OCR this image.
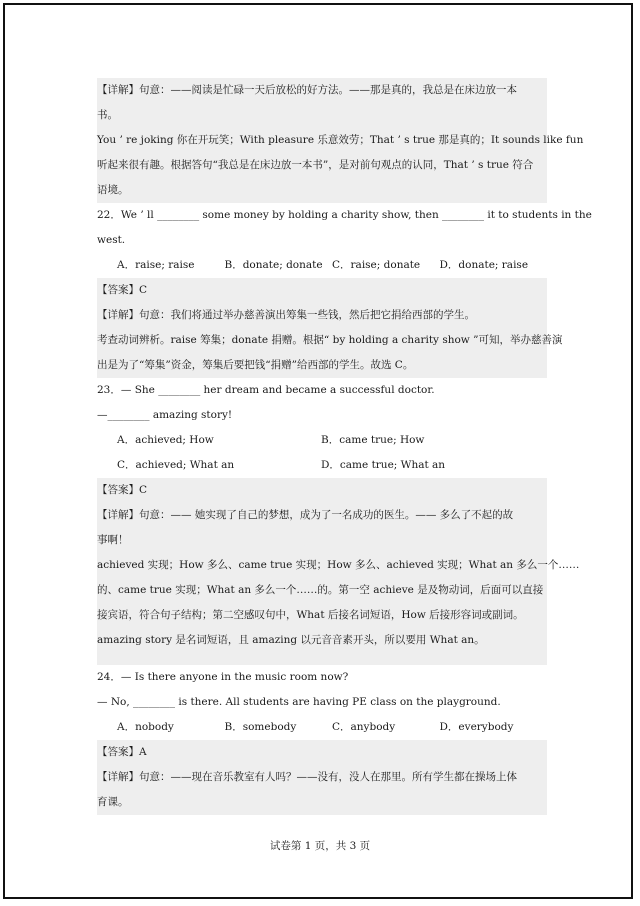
【详解】句意：——阅读是忙碌一天后放松的好方法。——那是真的，我总是在床边放一本
书。
You ’ re joking 你在开玩笑；With pleasure 乐意效劳；That ’ s true 那是真的；It sounds like fun
听起来很有趣。根据答句“我总是在床边放一本书”，是对前句观点的认同，That ’ s true 符合
语境。
22．We ’ ll ________ some money by holding a charity show, then ________ it to students in the
west.
A．raise; raise	B．donate; donate C．raise; donate	D．donate; raise
【答案】C
【详解】句意：我们将通过举办慈善演出筹集一些钱，然后把它捐给西部的学生。
考查动词辨析。raise 筹集；donate 捐赠。根据“ by holding a charity show ”可知，举办慈善演
出是为了“筹集”资金，筹集后要把钱“捐赠”给西部的学生。故选 C。
23．— She ________ her dream and became a successful doctor.
—________ amazing story!
A．achieved; How	B．came true; How
C．achieved; What an	D．came true; What an
【答案】C
【详解】句意：—— 她实现了自己的梦想，成为了一名成功的医生。—— 多么了不起的故
事啊！
achieved 实现；How 多么、came true 实现；How 多么、achieved 实现；What an 多么一个……
的、came true 实现；What an 多么一个……的。第一空 achieve 是及物动词，后面可以直接
接宾语，符合句子结构；第二空感叹句中，What 后接名词短语，How 后接形容词或副词。
amazing story 是名词短语，且 amazing 以元音音素开头，所以要用 What an。
24．— Is there anyone in the music room now?
— No, ________ is there. All students are having PE class on the playground.
A．nobody	B．somebody	C．anybody	D．everybody
【答案】A
【详解】句意：——现在音乐教室有人吗？——没有，没人在那里。所有学生都在操场上体
育课。
试卷第 1 页，共 3 页
